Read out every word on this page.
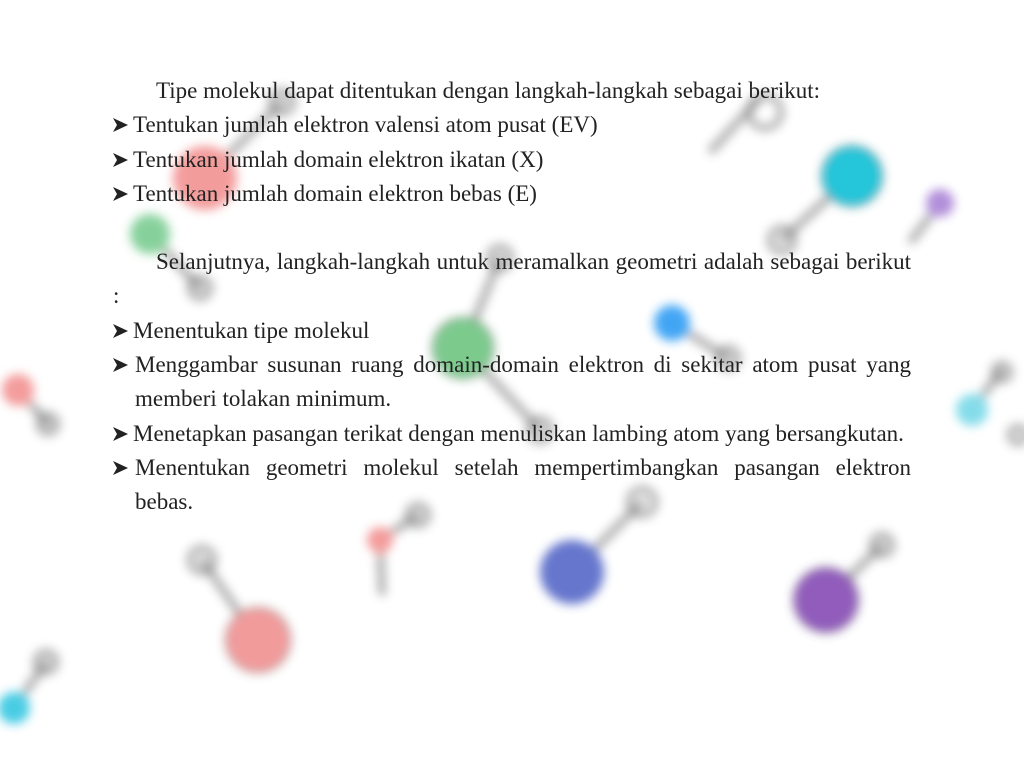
Tipe molekul dapat ditentukan dengan langkah-langkah sebagai berikut:

Tentukan jumlah elektron valensi atom pusat (EV)
Tentukan jumlah domain elektron ikatan (X)
Tentukan jumlah domain elektron bebas (E)

Selanjutnya, langkah-langkah untuk meramalkan geometri adalah sebagai berikut :

Menentukan tipe molekul
Menggambar susunan ruang domain-domain elektron di sekitar atom pusat yang memberi tolakan minimum.
Menetapkan pasangan terikat dengan menuliskan lambing atom yang bersangkutan.
Menentukan geometri molekul setelah mempertimbangkan pasangan elektron bebas.
